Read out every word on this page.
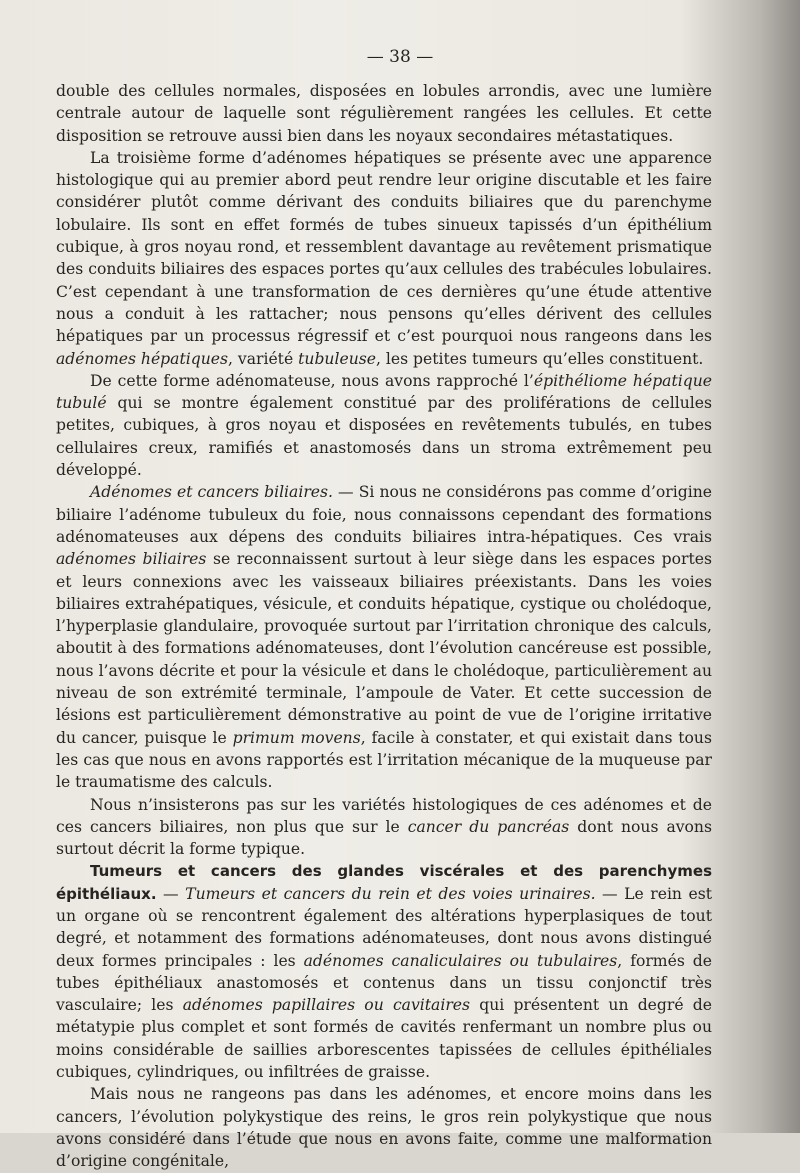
— 38 —

double des cellules normales, disposées en lobules arrondis, avec une lumière centrale autour de laquelle sont régulièrement rangées les cellules. Et cette disposition se retrouve aussi bien dans les noyaux secondaires métastatiques.

La troisième forme d’adénomes hépatiques se présente avec une apparence histologique qui au premier abord peut rendre leur origine discutable et les faire considérer plutôt comme dérivant des conduits biliaires que du parenchyme lobulaire. Ils sont en effet formés de tubes sinueux tapissés d’un épithélium cubique, à gros noyau rond, et ressemblent davantage au revêtement prismatique des conduits biliaires des espaces portes qu’aux cellules des trabécules lobulaires. C’est cependant à une transformation de ces dernières qu’une étude attentive nous a conduit à les rattacher; nous pensons qu’elles dérivent des cellules hépatiques par un processus régressif et c’est pourquoi nous rangeons dans les adénomes hépatiques, variété tubuleuse, les petites tumeurs qu’elles constituent.

De cette forme adénomateuse, nous avons rapproché l’épithéliome hépatique tubulé qui se montre également constitué par des proliférations de cellules petites, cubiques, à gros noyau et disposées en revêtements tubulés, en tubes cellulaires creux, ramifiés et anastomosés dans un stroma extrêmement peu développé.

Adénomes et cancers biliaires. — Si nous ne considérons pas comme d’origine biliaire l’adénome tubuleux du foie, nous connaissons cependant des formations adénomateuses aux dépens des conduits biliaires intra-hépatiques. Ces vrais adénomes biliaires se reconnaissent surtout à leur siège dans les espaces portes et leurs connexions avec les vaisseaux biliaires préexistants. Dans les voies biliaires extrahépatiques, vésicule, et conduits hépatique, cystique ou cholédoque, l’hyperplasie glandulaire, provoquée surtout par l’irritation chronique des calculs, aboutit à des formations adénomateuses, dont l’évolution cancéreuse est possible, nous l’avons décrite et pour la vésicule et dans le cholédoque, particulièrement au niveau de son extrémité terminale, l’ampoule de Vater. Et cette succession de lésions est particulièrement démonstrative au point de vue de l’origine irritative du cancer, puisque le primum movens, facile à constater, et qui existait dans tous les cas que nous en avons rapportés est l’irritation mécanique de la muqueuse par le traumatisme des calculs.

Nous n’insisterons pas sur les variétés histologiques de ces adénomes et de ces cancers biliaires, non plus que sur le cancer du pancréas dont nous avons surtout décrit la forme typique.

Tumeurs et cancers des glandes viscérales et des parenchymes épithéliaux. — Tumeurs et cancers du rein et des voies urinaires. — Le rein est un organe où se rencontrent également des altérations hyperplasiques de tout degré, et notamment des formations adénomateuses, dont nous avons distingué deux formes principales : les adénomes canaliculaires ou tubulaires, formés de tubes épithéliaux anastomosés et contenus dans un tissu conjonctif très vasculaire; les adénomes papillaires ou cavitaires qui présentent un degré de métatypie plus complet et sont formés de cavités renfermant un nombre plus ou moins considérable de saillies arborescentes tapissées de cellules épithéliales cubiques, cylindriques, ou infiltrées de graisse.

Mais nous ne rangeons pas dans les adénomes, et encore moins dans les cancers, l’évolution polykystique des reins, le gros rein polykystique que nous avons considéré dans l’étude que nous en avons faite, comme une malformation d’origine congénitale,
